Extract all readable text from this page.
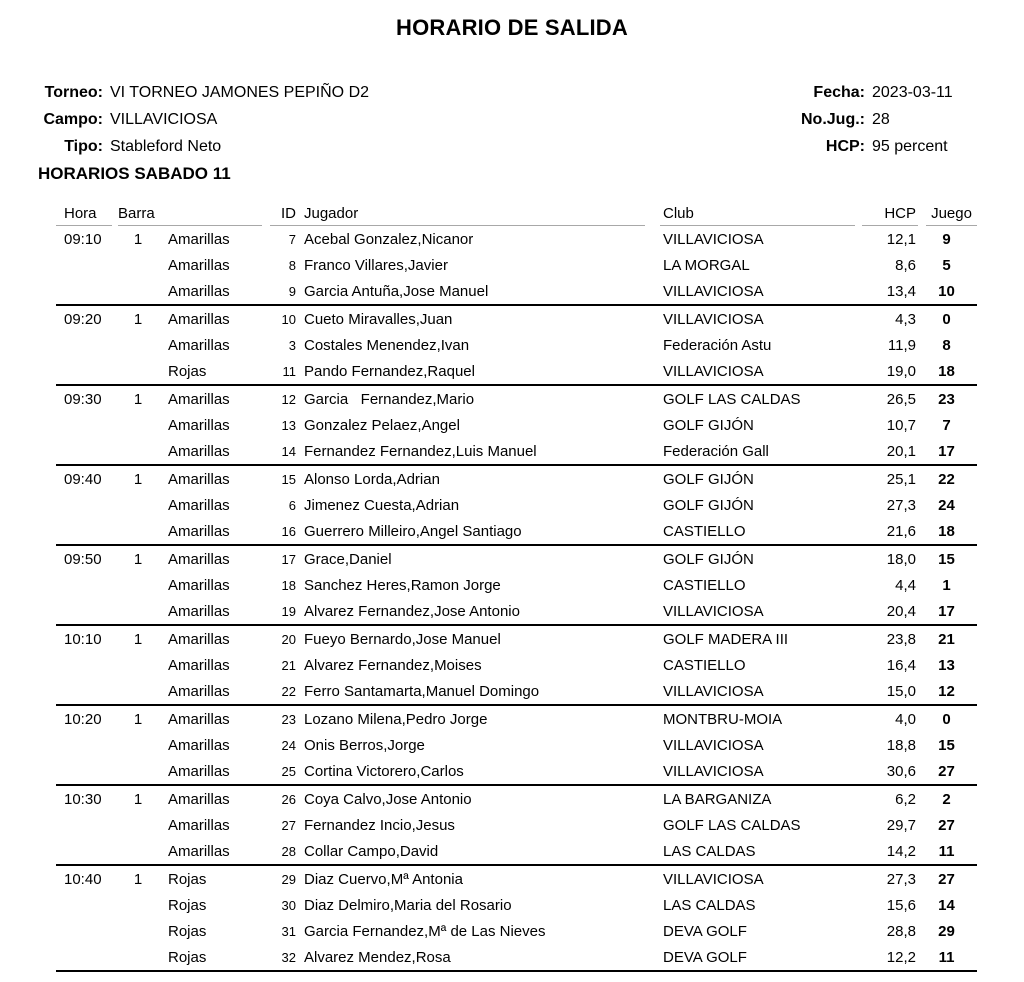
HORARIO DE SALIDA
Torneo: VI TORNEO JAMONES PEPIÑO D2
Campo: VILLAVICIOSA
Tipo: Stableford Neto
Fecha: 2023-03-11
No.Jug.: 28
HCP: 95 percent
HORARIOS SABADO 11
Hora	Barra	ID Jugador	Club	HCP	Juego
09:10	1	Amarillas	7 Acebal Gonzalez,Nicanor	VILLAVICIOSA	12,1	9
Amarillas	8 Franco Villares,Javier	LA MORGAL	8,6	5
Amarillas	9 Garcia Antuña,Jose Manuel	VILLAVICIOSA	13,4	10
09:20	1	Amarillas	10 Cueto Miravalles,Juan	VILLAVICIOSA	4,3	0
Amarillas	3 Costales Menendez,Ivan	Federación Astu	11,9	8
Rojas	11 Pando Fernandez,Raquel	VILLAVICIOSA	19,0	18
09:30	1	Amarillas	12 Garcia   Fernandez,Mario	GOLF LAS CALDAS	26,5	23
Amarillas	13 Gonzalez Pelaez,Angel	GOLF GIJÓN	10,7	7
Amarillas	14 Fernandez Fernandez,Luis Manuel	Federación Gall	20,1	17
09:40	1	Amarillas	15 Alonso Lorda,Adrian	GOLF GIJÓN	25,1	22
Amarillas	6 Jimenez Cuesta,Adrian	GOLF GIJÓN	27,3	24
Amarillas	16 Guerrero Milleiro,Angel Santiago	CASTIELLO	21,6	18
09:50	1	Amarillas	17 Grace,Daniel	GOLF GIJÓN	18,0	15
Amarillas	18 Sanchez Heres,Ramon Jorge	CASTIELLO	4,4	1
Amarillas	19 Alvarez Fernandez,Jose Antonio	VILLAVICIOSA	20,4	17
10:10	1	Amarillas	20 Fueyo Bernardo,Jose Manuel	GOLF MADERA III	23,8	21
Amarillas	21 Alvarez Fernandez,Moises	CASTIELLO	16,4	13
Amarillas	22 Ferro Santamarta,Manuel Domingo	VILLAVICIOSA	15,0	12
10:20	1	Amarillas	23 Lozano Milena,Pedro Jorge	MONTBRU-MOIA	4,0	0
Amarillas	24 Onis Berros,Jorge	VILLAVICIOSA	18,8	15
Amarillas	25 Cortina Victorero,Carlos	VILLAVICIOSA	30,6	27
10:30	1	Amarillas	26 Coya Calvo,Jose Antonio	LA BARGANIZA	6,2	2
Amarillas	27 Fernandez Incio,Jesus	GOLF LAS CALDAS	29,7	27
Amarillas	28 Collar Campo,David	LAS CALDAS	14,2	11
10:40	1	Rojas	29 Diaz Cuervo,Mª Antonia	VILLAVICIOSA	27,3	27
Rojas	30 Diaz Delmiro,Maria del Rosario	LAS CALDAS	15,6	14
Rojas	31 Garcia Fernandez,Mª de Las Nieves	DEVA GOLF	28,8	29
Rojas	32 Alvarez Mendez,Rosa	DEVA GOLF	12,2	11
